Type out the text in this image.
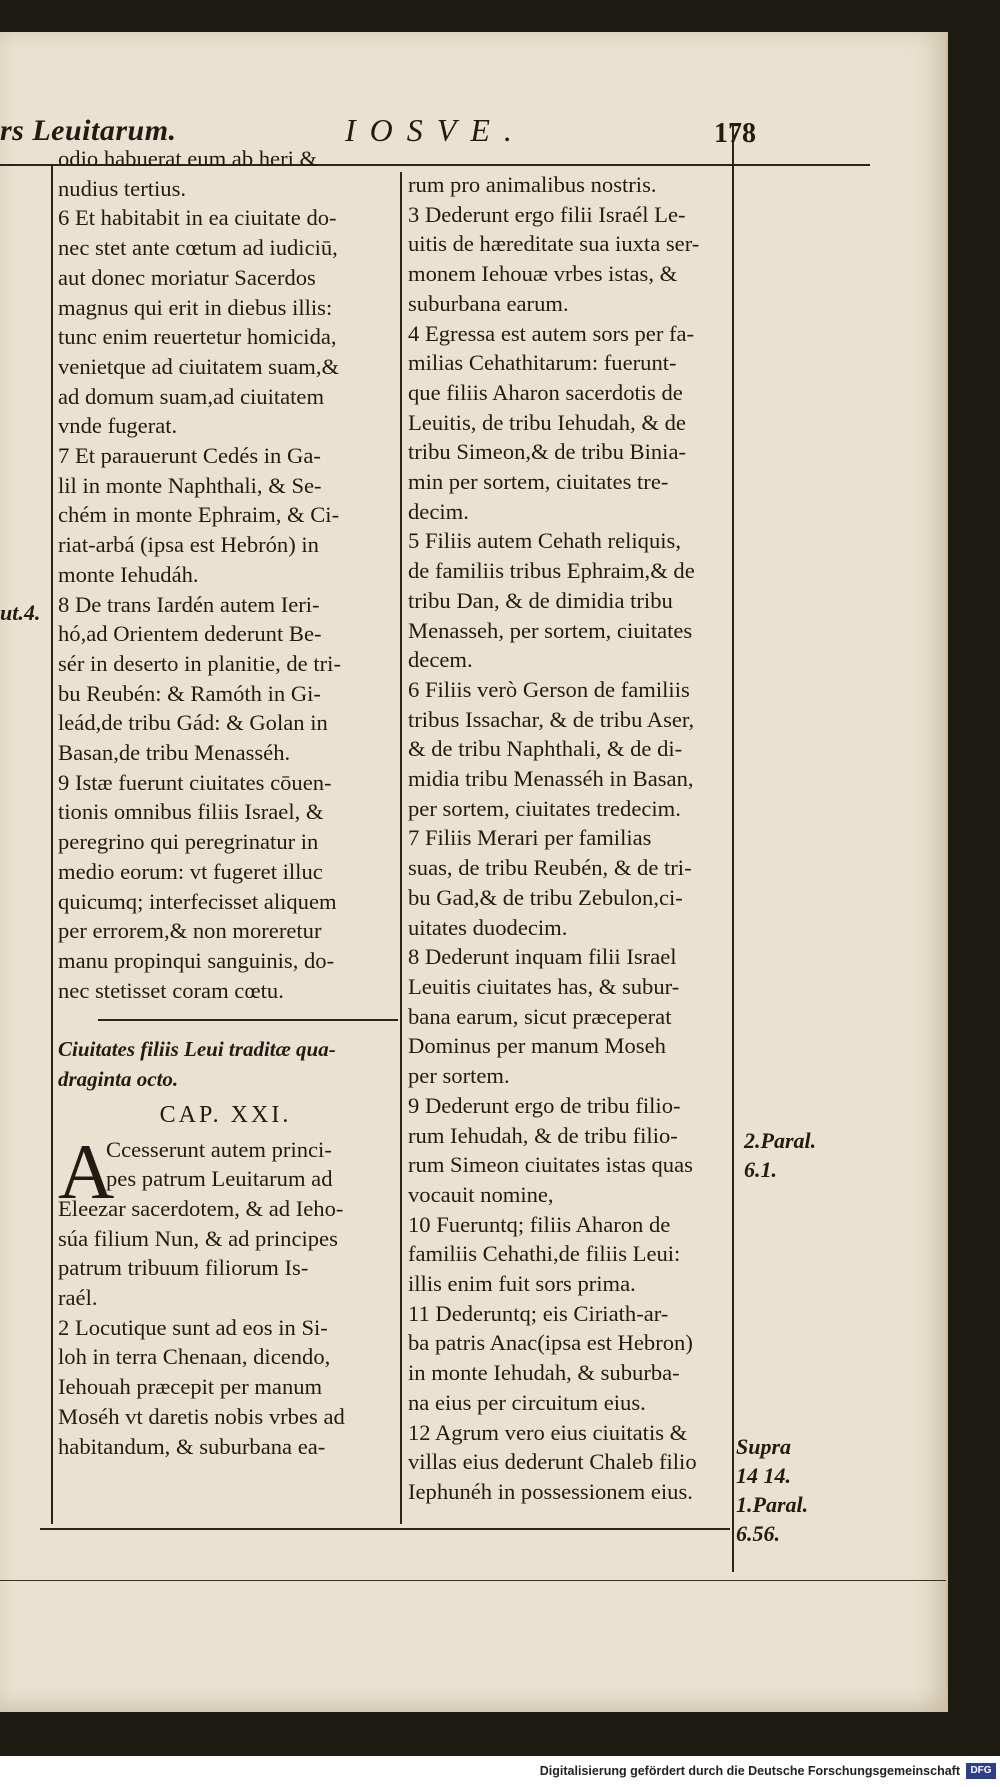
rs Leuitarum.	IOSVE.	178

ut.4.

odio habuerat eum ab heri &

nudius tertius.

6 Et habitabit in ea ciuitate do-

nec stet ante cœtum ad iudiciū,

aut donec moriatur Sacerdos

magnus qui erit in diebus illis:

tunc enim reuertetur homicida,

venietque ad ciuitatem suam,&

ad domum suam,ad ciuitatem

vnde fugerat.

7 Et parauerunt Cedés in Ga-

lil in monte Naphthali, & Se-

chém in monte Ephraim, & Ci-

riat-arbá (ipsa est Hebrón) in

monte Iehudáh.

8 De trans Iardén autem Ieri-

hó,ad Orientem dederunt Be-

sér in deserto in planitie, de tri-

bu Reubén: & Ramóth in Gi-

leád,de tribu Gád: & Golan in

Basan,de tribu Menasséh.

9 Istæ fuerunt ciuitates cōuen-

tionis omnibus filiis Israel, &

peregrino qui peregrinatur in

medio eorum: vt fugeret illuc

quicumq; interfecisset aliquem

per errorem,& non moreretur

manu propinqui sanguinis, do-

nec stetisset coram cœtu.

Ciuitates filiis Leui traditæ qua-

draginta octo.

CAP. XXI.

A

Ccesserunt autem princi-

pes patrum Leuitarum ad

Eleezar sacerdotem, & ad Ieho-

súa filium Nun, & ad principes

patrum tribuum filiorum Is-

raél.

2 Locutique sunt ad eos in Si-

loh in terra Chenaan, dicendo,

Iehouah præcepit per manum

Moséh vt daretis nobis vrbes ad

habitandum, & suburbana ea-

rum pro animalibus nostris.

3 Dederunt ergo filii Israél Le-

uitis de hæreditate sua iuxta ser-

monem Iehouæ vrbes istas, &

suburbana earum.

4 Egressa est autem sors per fa-

milias Cehathitarum: fuerunt-

que filiis Aharon sacerdotis de

Leuitis, de tribu Iehudah, & de

tribu Simeon,& de tribu Binia-

min per sortem, ciuitates tre-

decim.

5 Filiis autem Cehath reliquis,

de familiis tribus Ephraim,& de

tribu Dan, & de dimidia tribu

Menasseh, per sortem, ciuitates

decem.

6 Filiis verò Gerson de familiis

tribus Issachar, & de tribu Aser,

& de tribu Naphthali, & de di-

midia tribu Menasséh in Basan,

per sortem, ciuitates tredecim.

7 Filiis Merari per familias

suas, de tribu Reubén, & de tri-

bu Gad,& de tribu Zebulon,ci-

uitates duodecim.

8 Dederunt inquam filii Israel

Leuitis ciuitates has, & subur-

bana earum, sicut præceperat

Dominus per manum Moseh

per sortem.

9 Dederunt ergo de tribu filio-

rum Iehudah, & de tribu filio-

rum Simeon ciuitates istas quas

vocauit nomine,

10 Fueruntq; filiis Aharon de

familiis Cehathi,de filiis Leui:

illis enim fuit sors prima.

11 Dederuntq; eis Ciriath-ar-

ba patris Anac(ipsa est Hebron)

in monte Iehudah, & suburba-

na eius per circuitum eius.

12 Agrum vero eius ciuitatis &

villas eius dederunt Chaleb filio

Iephunéh in possessionem eius.

2.Paral.

6.1.

Supra

14 14.

1.Paral.

6.56.

Digitalisierung gefördert durch die Deutsche Forschungsgemeinschaft	DFG
